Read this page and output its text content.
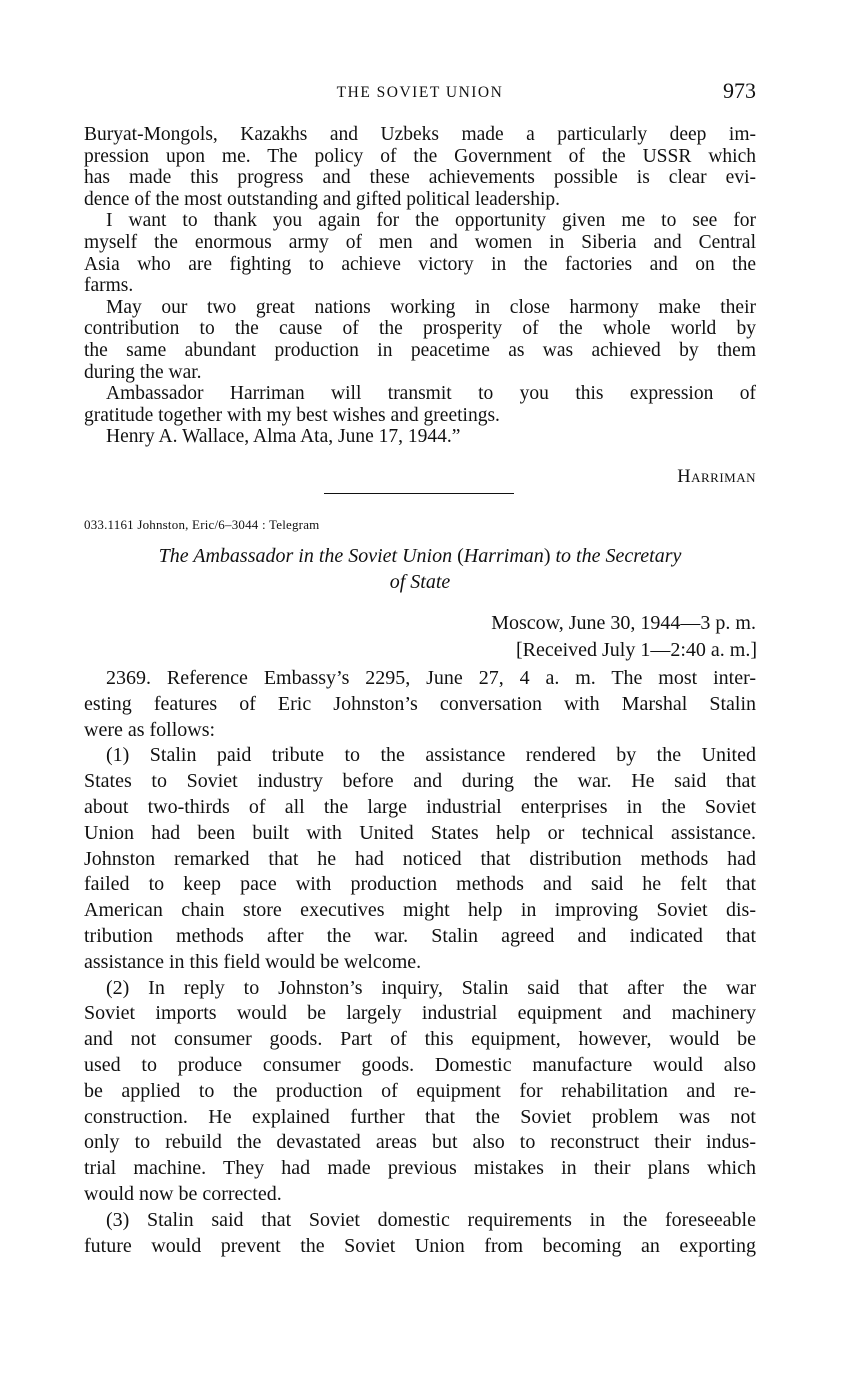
THE SOVIET UNION	973
Buryat-Mongols, Kazakhs and Uzbeks made a particularly deep im-
pression upon me. The policy of the Government of the USSR which
has made this progress and these achievements possible is clear evi-
dence of the most outstanding and gifted political leadership.
I want to thank you again for the opportunity given me to see for
myself the enormous army of men and women in Siberia and Central
Asia who are fighting to achieve victory in the factories and on the
farms.
May our two great nations working in close harmony make their
contribution to the cause of the prosperity of the whole world by
the same abundant production in peacetime as was achieved by them
during the war.
Ambassador Harriman will transmit to you this expression of
gratitude together with my best wishes and greetings.
Henry A. Wallace, Alma Ata, June 17, 1944.”
Harriman
033.1161 Johnston, Eric/6–3044 : Telegram
The Ambassador in the Soviet Union (Harriman) to the Secretary
of State
Moscow, June 30, 1944—3 p. m.
[Received July 1—2:40 a. m.]
2369. Reference Embassy’s 2295, June 27, 4 a. m. The most inter-
esting features of Eric Johnston’s conversation with Marshal Stalin
were as follows:
(1) Stalin paid tribute to the assistance rendered by the United
States to Soviet industry before and during the war. He said that
about two-thirds of all the large industrial enterprises in the Soviet
Union had been built with United States help or technical assistance.
Johnston remarked that he had noticed that distribution methods had
failed to keep pace with production methods and said he felt that
American chain store executives might help in improving Soviet dis-
tribution methods after the war. Stalin agreed and indicated that
assistance in this field would be welcome.
(2) In reply to Johnston’s inquiry, Stalin said that after the war
Soviet imports would be largely industrial equipment and machinery
and not consumer goods. Part of this equipment, however, would be
used to produce consumer goods. Domestic manufacture would also
be applied to the production of equipment for rehabilitation and re-
construction. He explained further that the Soviet problem was not
only to rebuild the devastated areas but also to reconstruct their indus-
trial machine. They had made previous mistakes in their plans which
would now be corrected.
(3) Stalin said that Soviet domestic requirements in the foreseeable
future would prevent the Soviet Union from becoming an exporting
